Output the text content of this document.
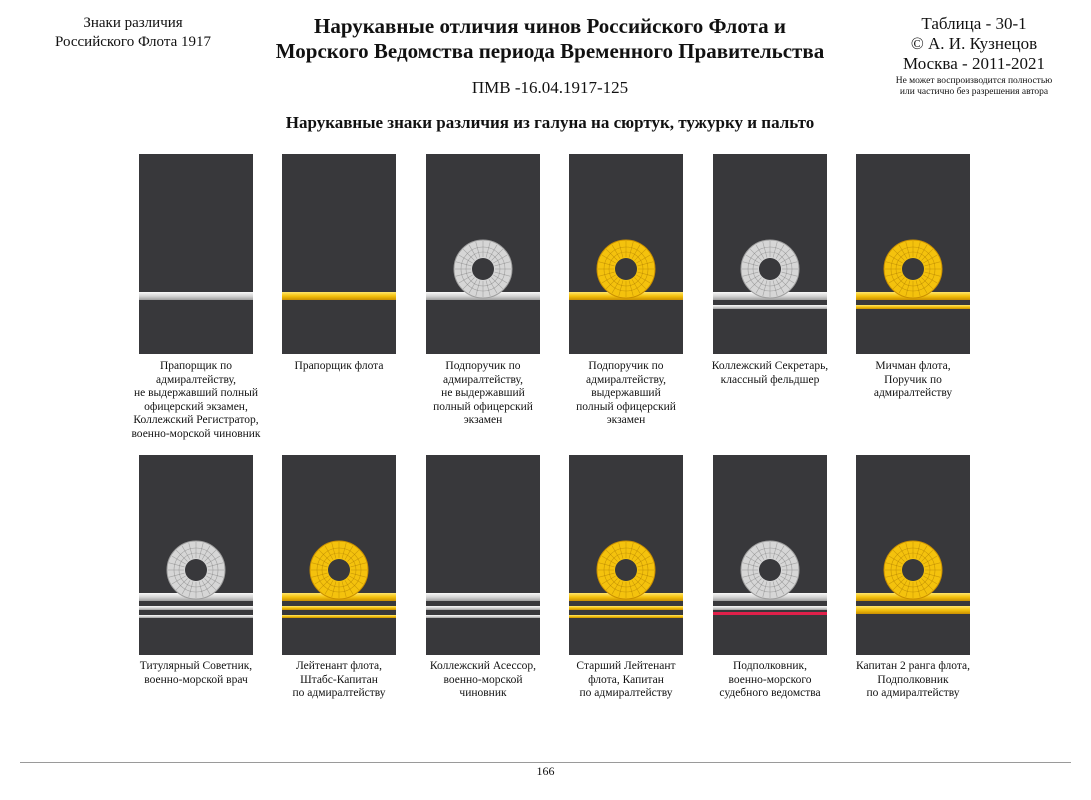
Знаки различия
Российского Флота 1917
Нарукавные отличия чинов Российского Флота и
Морского Ведомства периода Временного Правительства
ПМВ -16.04.1917-125
Таблица - 30-1
© А. И. Кузнецов
Москва - 2011-2021
Не может воспроизводится полностью
или частично без разрешения автора
Нарукавные знаки различия из галуна на сюртук, тужурку и пальто
Прапорщик по
адмиралтейству,
не выдержавший полный
офицерский экзамен,
Коллежский Регистратор,
военно-морской чиновник
Прапорщик флота	Подпоручик по
адмиралтейству,
не выдержавший
полный офицерский
экзамен
Подпоручик по
адмиралтейству,
выдержавший
полный офицерский
экзамен
Коллежский Секретарь,
классный фельдшер
Мичман флота,
Поручик по
адмиралтейству
Титулярный Советник,
военно-морской врач
Лейтенант флота,
Штабс-Капитан
по адмиралтейству
Коллежский Асессор,
военно-морской
чиновник
Старший Лейтенант
флота, Капитан
по адмиралтейству
Подполковник,
военно-морского
судебного ведомства
Капитан 2 ранга флота,
Подполковник
по адмиралтейству
166
